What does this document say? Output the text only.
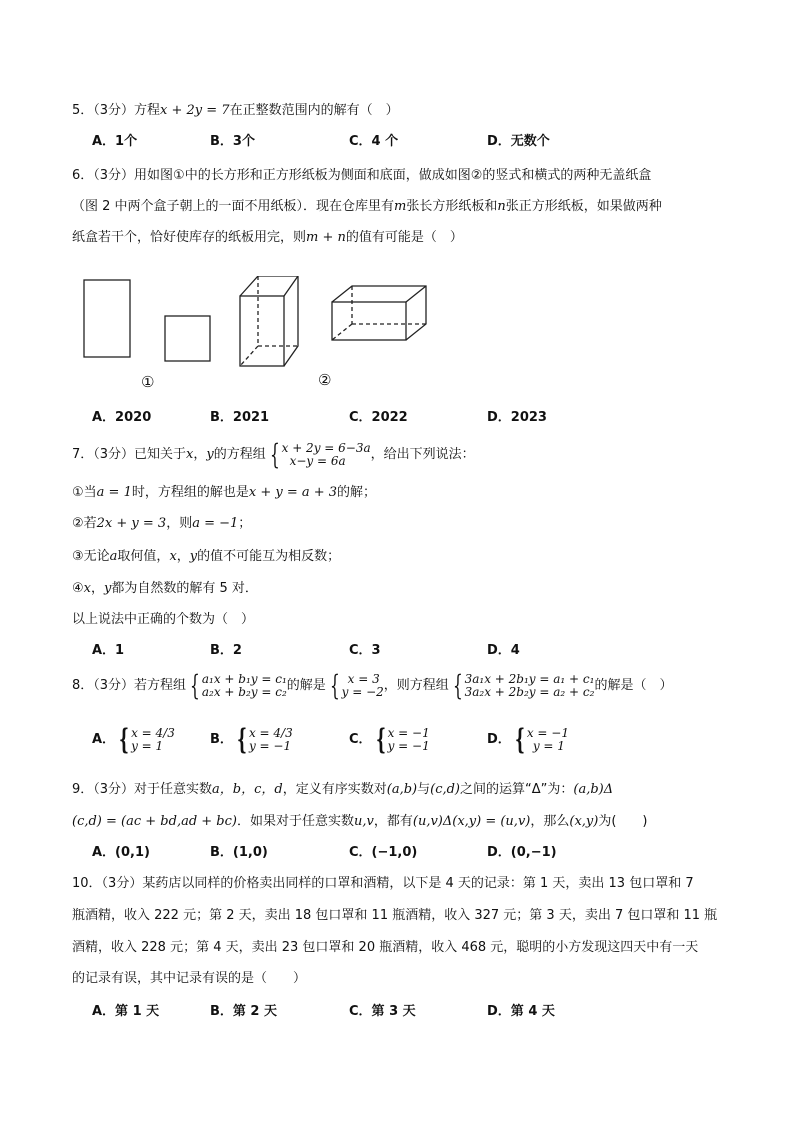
5．（3分）方程x + 2y = 7在正整数范围内的解有（　）
A．1个	B．3个	C．4 个	D．无数个
6．（3分）用如图①中的长方形和正方形纸板为侧面和底面，做成如图②的竖式和横式的两种无盖纸盒
（图 2 中两个盒子朝上的一面不用纸板）．现在仓库里有m张长方形纸板和n张正方形纸板，如果做两种
纸盒若干个，恰好使库存的纸板用完，则m + n的值有可能是（　）
①	②
A．2020	B．2021	C．2022	D．2023
7．（3分）已知关于x，y的方程组 { x + 2y = 6−3a
x−y = 6a	，给出下列说法：
①当a = 1时，方程组的解也是x + y = a + 3的解；
②若2x + y = 3，则a = −1；
③无论a取何值，x，y的值不可能互为相反数；
④x，y都为自然数的解有 5 对．
以上说法中正确的个数为（　）
A．1	B．2	C．3	D．4
8．（3分）若方程组 { a₁x + b₁y = c₁
a₂x + b₂y = c₂ 的解是 { x = 3
y = −2 ，则方程组 { 3a₁x + 2b₁y = a₁ + c₁
3a₂x + 2b₂y = a₂ + c₂ 的解是（　）
A． { x = 4/3
y = 1	B． { x = 4/3
y = −1	C． { x = −1
y = −1	D． { x = −1
y = 1
9．（3分）对于任意实数a，b，c，d，定义有序实数对(a,b)与(c,d)之间的运算“Δ”为：(a,b)Δ
(c,d) = (ac + bd,ad + bc)．如果对于任意实数u,v，都有(u,v)Δ(x,y) = (u,v)，那么(x,y)为(　　)
A．(0,1)	B．(1,0)	C．(−1,0)	D．(0,−1)
10．（3分）某药店以同样的价格卖出同样的口罩和酒精，以下是 4 天的记录：第 1 天，卖出 13 包口罩和 7
瓶酒精，收入 222 元；第 2 天，卖出 18 包口罩和 11 瓶酒精，收入 327 元；第 3 天，卖出 7 包口罩和 11 瓶
酒精，收入 228 元；第 4 天，卖出 23 包口罩和 20 瓶酒精，收入 468 元，聪明的小方发现这四天中有一天
的记录有误，其中记录有误的是（　　）
A．第 1 天	B．第 2 天	C．第 3 天	D．第 4 天
